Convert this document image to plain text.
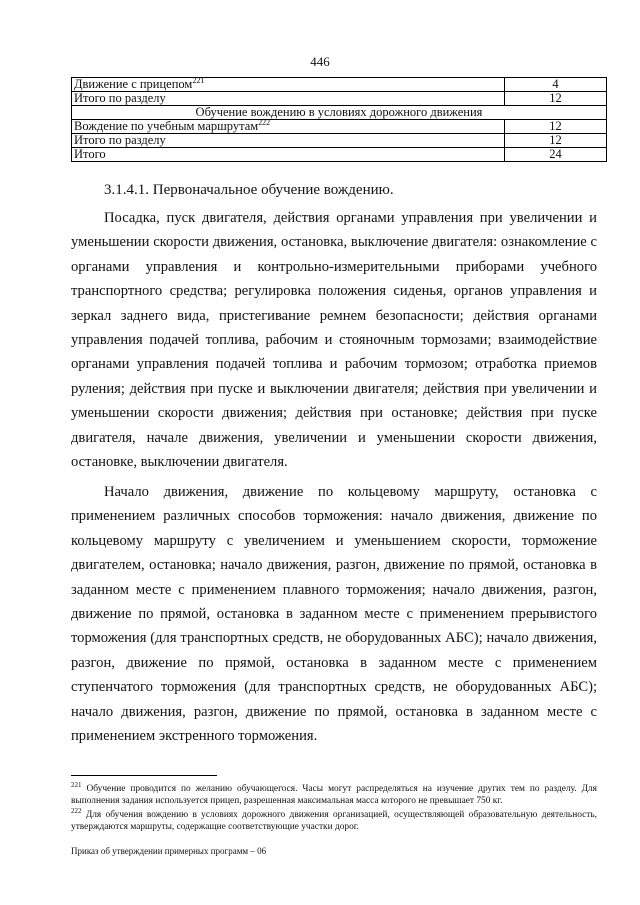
446
Движение с прицепом$^{221}$	4
Итого по разделу	12
Обучение вождению в условиях дорожного движения	
Вождение по учебным маршрутам$^{222}$	12
Итого по разделу	12
Итого	24
3.1.4.1. Первоначальное обучение вождению.

Посадка, пуск двигателя, действия органами управления при увеличении и уменьшении скорости движения, остановка, выключение двигателя: ознакомление с органами управления и контрольно-измерительными приборами учебного транспортного средства; регулировка положения сиденья, органов управления и зеркал заднего вида, пристегивание ремнем безопасности; действия органами управления подачей топлива, рабочим и стояночным тормозами; взаимодействие органами управления подачей топлива и рабочим тормозом; отработка приемов руления; действия при пуске и выключении двигателя; действия при увеличении и уменьшении скорости движения; действия при остановке; действия при пуске двигателя, начале движения, увеличении и уменьшении скорости движения, остановке, выключении двигателя.

Начало движения, движение по кольцевому маршруту, остановка с применением различных способов торможения: начало движения, движение по кольцевому маршруту с увеличением и уменьшением скорости, торможение двигателем, остановка; начало движения, разгон, движение по прямой, остановка в заданном месте с применением плавного торможения; начало движения, разгон, движение по прямой, остановка в заданном месте с применением прерывистого торможения (для транспортных средств, не оборудованных АБС); начало движения, разгон, движение по прямой, остановка в заданном месте с применением ступенчатого торможения (для транспортных средств, не оборудованных АБС); начало движения, разгон, движение по прямой, остановка в заданном месте с применением экстренного торможения.

$^{221}$ Обучение проводится по желанию обучающегося. Часы могут распределяться на изучение других тем по разделу. Для выполнения задания используется прицеп, разрешенная максимальная масса которого не превышает 750 кг.

$^{222}$ Для обучения вождению в условиях дорожного движения организацией, осуществляющей образовательную деятельность, утверждаются маршруты, содержащие соответствующие участки дорог.

Приказ об утверждении примерных программ – 06
